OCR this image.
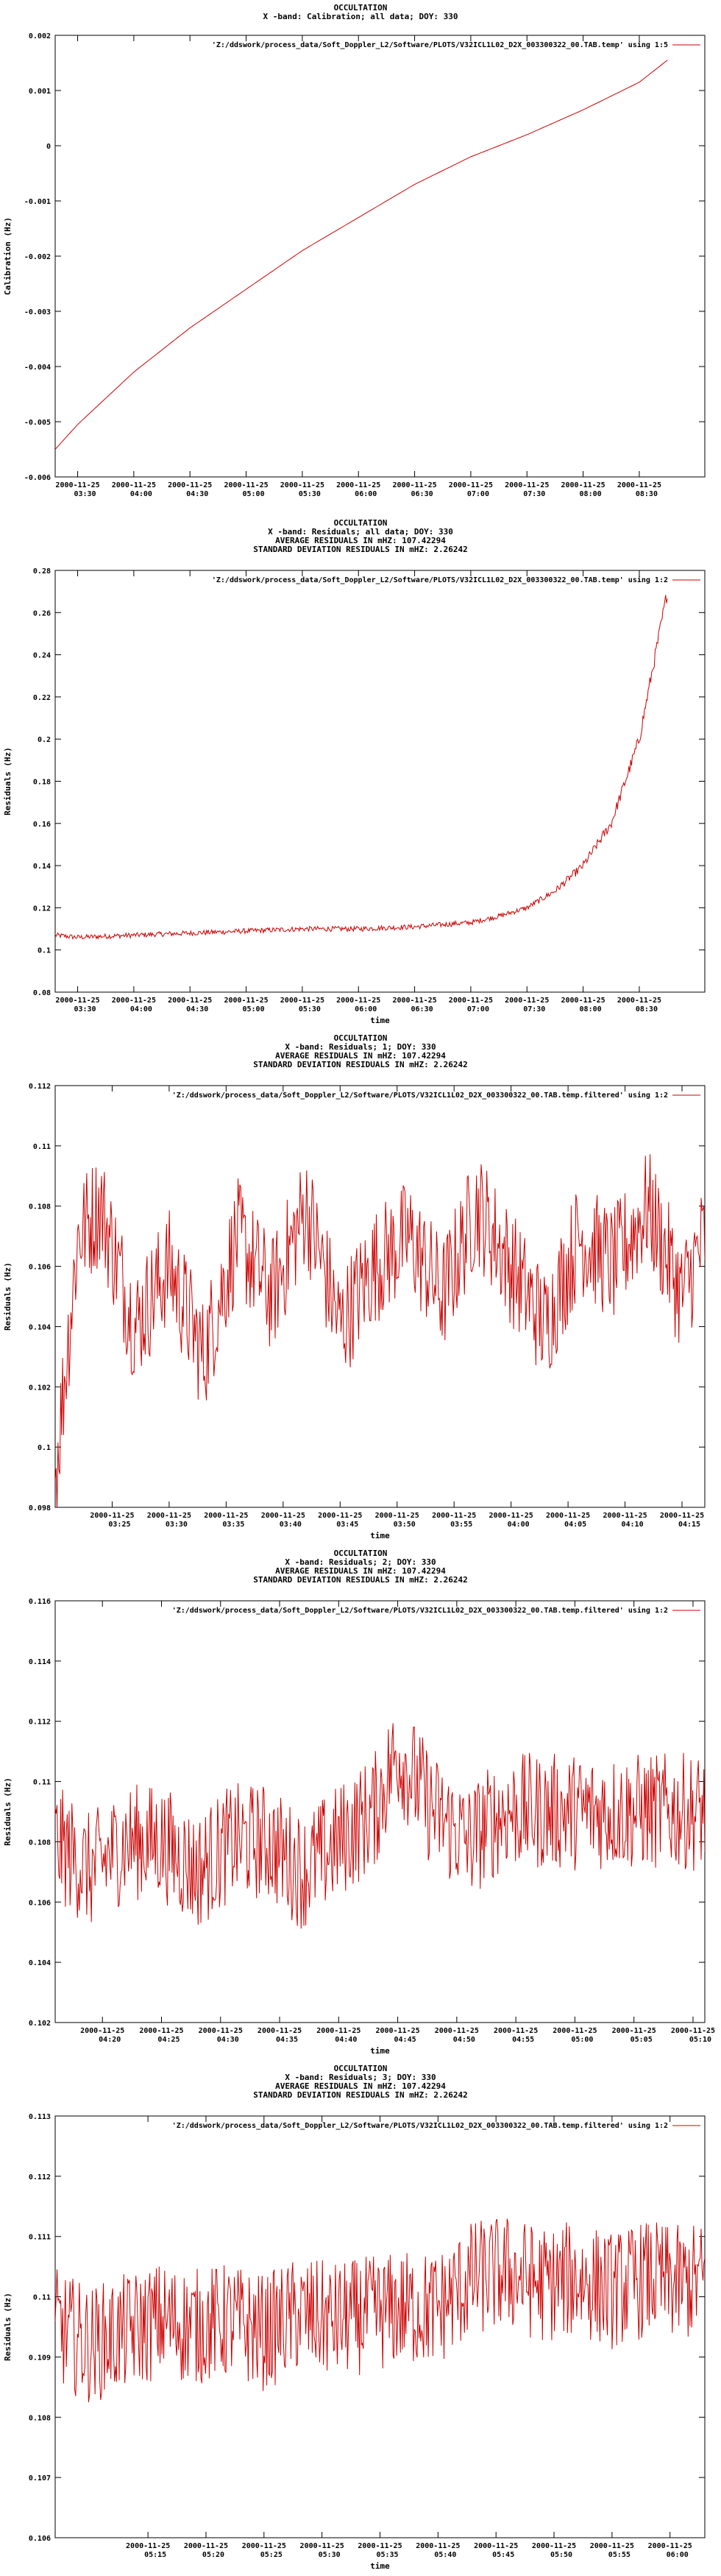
OCCULTATION
X -band: Calibration; all data; DOY: 330
0.002
0.001
0
-0.001
-0.002
-0.003
-0.004
-0.005
-0.006
2000-11-25
03:30
2000-11-25
04:00
2000-11-25
04:30
2000-11-25
05:00
2000-11-25
05:30
2000-11-25
06:00
2000-11-25
06:30
2000-11-25
07:00
2000-11-25
07:30
2000-11-25
08:00
2000-11-25
08:30
Calibration (Hz)
'Z:/ddswork/process_data/Soft_Doppler_L2/Software/PLOTS/V32ICL1L02_D2X_003300322_00.TAB.temp' using 1:5
OCCULTATION
X -band: Residuals; all data; DOY: 330
AVERAGE RESIDUALS IN mHZ: 107.42294
STANDARD DEVIATION RESIDUALS IN mHZ: 2.26242
0.28
0.26
0.24
0.22
0.2
0.18
0.16
0.14
0.12
0.1
0.08
2000-11-25
03:30
2000-11-25
04:00
2000-11-25
04:30
2000-11-25
05:00
2000-11-25
05:30
2000-11-25
06:00
2000-11-25
06:30
2000-11-25
07:00
2000-11-25
07:30
2000-11-25
08:00
2000-11-25
08:30
Residuals (Hz)
time
'Z:/ddswork/process_data/Soft_Doppler_L2/Software/PLOTS/V32ICL1L02_D2X_003300322_00.TAB.temp' using 1:2
OCCULTATION
X -band: Residuals; 1; DOY: 330
AVERAGE RESIDUALS IN mHZ: 107.42294
STANDARD DEVIATION RESIDUALS IN mHZ: 2.26242
0.112
0.11
0.108
0.106
0.104
0.102
0.1
0.098
2000-11-25
03:25
2000-11-25
03:30
2000-11-25
03:35
2000-11-25
03:40
2000-11-25
03:45
2000-11-25
03:50
2000-11-25
03:55
2000-11-25
04:00
2000-11-25
04:05
2000-11-25
04:10
2000-11-25
04:15
Residuals (Hz)
time
'Z:/ddswork/process_data/Soft_Doppler_L2/Software/PLOTS/V32ICL1L02_D2X_003300322_00.TAB.temp.filtered' using 1:2
OCCULTATION
X -band: Residuals; 2; DOY: 330
AVERAGE RESIDUALS IN mHZ: 107.42294
STANDARD DEVIATION RESIDUALS IN mHZ: 2.26242
0.116
0.114
0.112
0.11
0.108
0.106
0.104
0.102
2000-11-25
04:20
2000-11-25
04:25
2000-11-25
04:30
2000-11-25
04:35
2000-11-25
04:40
2000-11-25
04:45
2000-11-25
04:50
2000-11-25
04:55
2000-11-25
05:00
2000-11-25
05:05
2000-11-25
05:10
Residuals (Hz)
time
'Z:/ddswork/process_data/Soft_Doppler_L2/Software/PLOTS/V32ICL1L02_D2X_003300322_00.TAB.temp.filtered' using 1:2
OCCULTATION
X -band: Residuals; 3; DOY: 330
AVERAGE RESIDUALS IN mHZ: 107.42294
STANDARD DEVIATION RESIDUALS IN mHZ: 2.26242
0.113
0.112
0.111
0.11
0.109
0.108
0.107
0.106
2000-11-25
05:15
2000-11-25
05:20
2000-11-25
05:25
2000-11-25
05:30
2000-11-25
05:35
2000-11-25
05:40
2000-11-25
05:45
2000-11-25
05:50
2000-11-25
05:55
2000-11-25
06:00
Residuals (Hz)
time
'Z:/ddswork/process_data/Soft_Doppler_L2/Software/PLOTS/V32ICL1L02_D2X_003300322_00.TAB.temp.filtered' using 1:2
